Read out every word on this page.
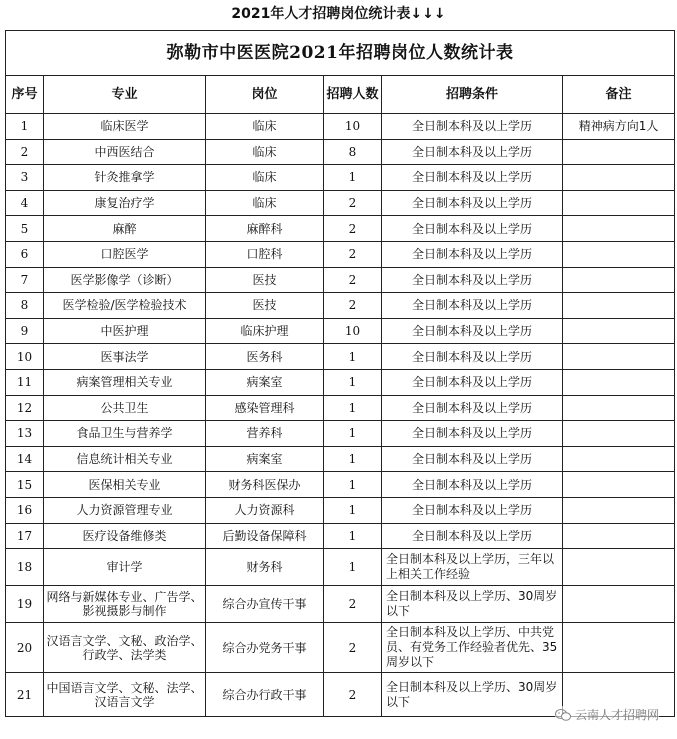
2021年人才招聘岗位统计表↓↓↓
弥勒市中医医院2021年招聘岗位人数统计表					
序号	专业	岗位	招聘人数	招聘条件	备注
1	临床医学	临床	10	全日制本科及以上学历	精神病方向1人
2	中西医结合	临床	8	全日制本科及以上学历	
3	针灸推拿学	临床	1	全日制本科及以上学历	
4	康复治疗学	临床	2	全日制本科及以上学历	
5	麻醉	麻醉科	2	全日制本科及以上学历	
6	口腔医学	口腔科	2	全日制本科及以上学历	
7	医学影像学（诊断）	医技	2	全日制本科及以上学历	
8	医学检验/医学检验技术	医技	2	全日制本科及以上学历	
9	中医护理	临床护理	10	全日制本科及以上学历	
10	医事法学	医务科	1	全日制本科及以上学历	
11	病案管理相关专业	病案室	1	全日制本科及以上学历	
12	公共卫生	感染管理科	1	全日制本科及以上学历	
13	食品卫生与营养学	营养科	1	全日制本科及以上学历	
14	信息统计相关专业	病案室	1	全日制本科及以上学历	
15	医保相关专业	财务科医保办	1	全日制本科及以上学历	
16	人力资源管理专业	人力资源科	1	全日制本科及以上学历	
17	医疗设备维修类	后勤设备保障科	1	全日制本科及以上学历	
18	审计学	财务科	1	全日制本科及以上学历，三年以上相关工作经验	
19	网络与新媒体专业、广告学、影视摄影与制作	综合办宣传干事	2	全日制本科及以上学历、30周岁以下	
20	汉语言文学、文秘、政治学、行政学、法学类	综合办党务干事	2	全日制本科及以上学历、中共党员、有党务工作经验者优先、35周岁以下	
21	中国语言文学、文秘、法学、汉语言文学	综合办行政干事	2	全日制本科及以上学历、30周岁以下	
云南人才招聘网
